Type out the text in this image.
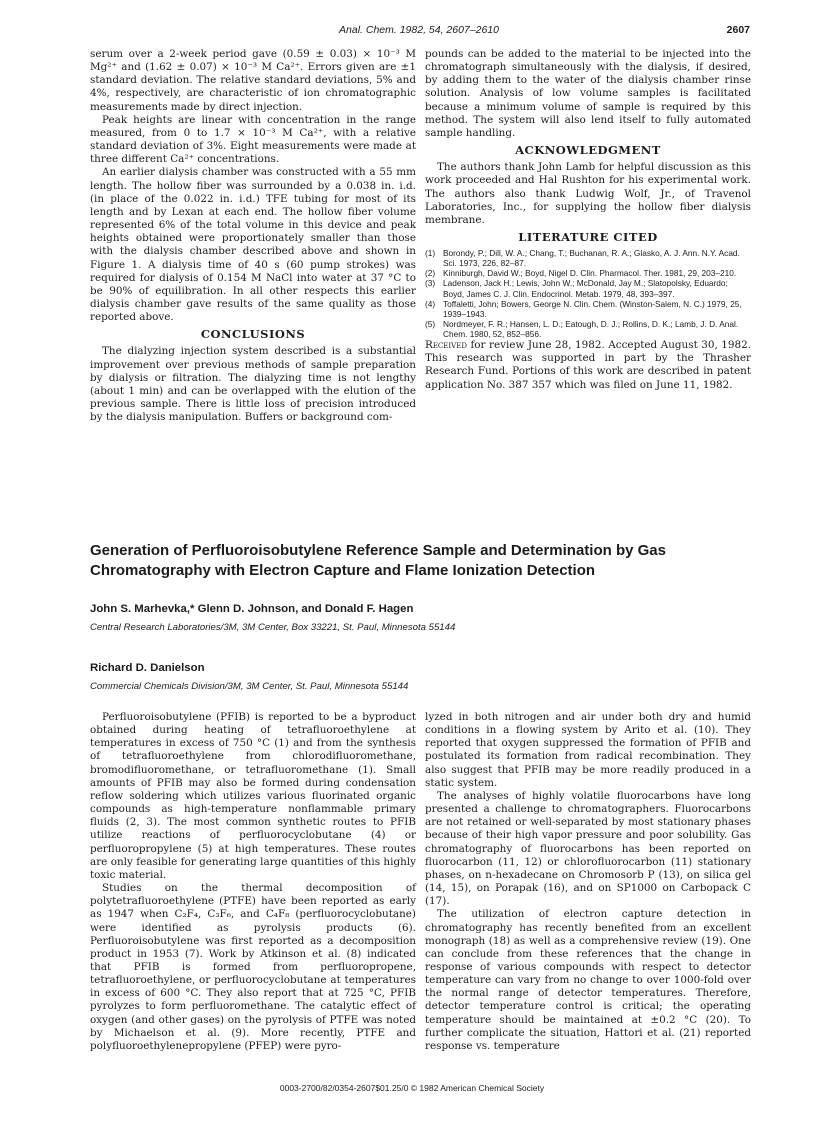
Anal. Chem. 1982, 54, 2607–2610	2607

serum over a 2-week period gave (0.59 ± 0.03) × 10⁻³ M Mg²⁺ and (1.62 ± 0.07) × 10⁻³ M Ca²⁺. Errors given are ±1 standard deviation. The relative standard deviations, 5% and 4%, respectively, are characteristic of ion chromatographic measurements made by direct injection.

Peak heights are linear with concentration in the range measured, from 0 to 1.7 × 10⁻³ M Ca²⁺, with a relative standard deviation of 3%. Eight measurements were made at three different Ca²⁺ concentrations.

An earlier dialysis chamber was constructed with a 55 mm length. The hollow fiber was surrounded by a 0.038 in. i.d. (in place of the 0.022 in. i.d.) TFE tubing for most of its length and by Lexan at each end. The hollow fiber volume represented 6% of the total volume in this device and peak heights obtained were proportionately smaller than those with the dialysis chamber described above and shown in Figure 1. A dialysis time of 40 s (60 pump strokes) was required for dialysis of 0.154 M NaCl into water at 37 °C to be 90% of equilibration. In all other respects this earlier dialysis chamber gave results of the same quality as those reported above.

CONCLUSIONS

The dialyzing injection system described is a substantial improvement over previous methods of sample preparation by dialysis or filtration. The dialyzing time is not lengthy (about 1 min) and can be overlapped with the elution of the previous sample. There is little loss of precision introduced by the dialysis manipulation. Buffers or background com-

pounds can be added to the material to be injected into the chromatograph simultaneously with the dialysis, if desired, by adding them to the water of the dialysis chamber rinse solution. Analysis of low volume samples is facilitated because a minimum volume of sample is required by this method. The system will also lend itself to fully automated sample handling.

ACKNOWLEDGMENT

The authors thank John Lamb for helpful discussion as this work proceeded and Hal Rushton for his experimental work. The authors also thank Ludwig Wolf, Jr., of Travenol Laboratories, Inc., for supplying the hollow fiber dialysis membrane.

LITERATURE CITED
(1) Borondy, P.; Dill, W. A.; Chang, T.; Buchanan, R. A.; Glasko, A. J. Ann. N.Y. Acad. Sci. 1973, 226, 82–87.
(2) Kinniburgh, David W.; Boyd, Nigel D. Clin. Pharmacol. Ther. 1981, 29, 203–210.
(3) Ladenson, Jack H.; Lewis, John W.; McDonald, Jay M.; Slatopolsky, Eduardo; Boyd, James C. J. Clin. Endocrinol. Metab. 1979, 48, 393–397.
(4) Toffaletti, John; Bowers, George N. Clin. Chem. (Winston-Salem, N. C.) 1979, 25, 1939–1943.
(5) Nordmeyer, F. R.; Hansen, L. D.; Eatough, D. J.; Rollins, D. K.; Lamb, J. D. Anal. Chem. 1980, 52, 852–856.

Received for review June 28, 1982. Accepted August 30, 1982. This research was supported in part by the Thrasher Research Fund. Portions of this work are described in patent application No. 387 357 which was filed on June 11, 1982.

Generation of Perfluoroisobutylene Reference Sample and Determination by Gas Chromatography with Electron Capture and Flame Ionization Detection
John S. Marhevka,* Glenn D. Johnson, and Donald F. Hagen
Central Research Laboratories/3M, 3M Center, Box 33221, St. Paul, Minnesota 55144
Richard D. Danielson
Commercial Chemicals Division/3M, 3M Center, St. Paul, Minnesota 55144

Perfluoroisobutylene (PFIB) is reported to be a byproduct obtained during heating of tetrafluoroethylene at temperatures in excess of 750 °C (1) and from the synthesis of tetrafluoroethylene from chlorodifluoromethane, bromodifluoromethane, or tetrafluoromethane (1). Small amounts of PFIB may also be formed during condensation reflow soldering which utilizes various fluorinated organic compounds as high-temperature nonflammable primary fluids (2, 3). The most common synthetic routes to PFIB utilize reactions of perfluorocyclobutane (4) or perfluoropropylene (5) at high temperatures. These routes are only feasible for generating large quantities of this highly toxic material.

Studies on the thermal decomposition of polytetrafluoroethylene (PTFE) have been reported as early as 1947 when C₂F₄, C₃F₆, and C₄F₈ (perfluorocyclobutane) were identified as pyrolysis products (6). Perfluoroisobutylene was first reported as a decomposition product in 1953 (7). Work by Atkinson et al. (8) indicated that PFIB is formed from perfluoropropene, tetrafluoroethylene, or perfluorocyclobutane at temperatures in excess of 600 °C. They also report that at 725 °C, PFIB pyrolyzes to form perfluoromethane. The catalytic effect of oxygen (and other gases) on the pyrolysis of PTFE was noted by Michaelson et al. (9). More recently, PTFE and polyfluoroethylenepropylene (PFEP) were pyro-

lyzed in both nitrogen and air under both dry and humid conditions in a flowing system by Arito et al. (10). They reported that oxygen suppressed the formation of PFIB and postulated its formation from radical recombination. They also suggest that PFIB may be more readily produced in a static system.

The analyses of highly volatile fluorocarbons have long presented a challenge to chromatographers. Fluorocarbons are not retained or well-separated by most stationary phases because of their high vapor pressure and poor solubility. Gas chromatography of fluorocarbons has been reported on fluorocarbon (11, 12) or chlorofluorocarbon (11) stationary phases, on n-hexadecane on Chromosorb P (13), on silica gel (14, 15), on Porapak (16), and on SP1000 on Carbopack C (17).

The utilization of electron capture detection in chromatography has recently benefited from an excellent monograph (18) as well as a comprehensive review (19). One can conclude from these references that the change in response of various compounds with respect to detector temperature can vary from no change to over 1000-fold over the normal range of detector temperatures. Therefore, detector temperature control is critical; the operating temperature should be maintained at ±0.2 °C (20). To further complicate the situation, Hattori et al. (21) reported response vs. temperature

0003-2700/82/0354-2607$01.25/0 © 1982 American Chemical Society
